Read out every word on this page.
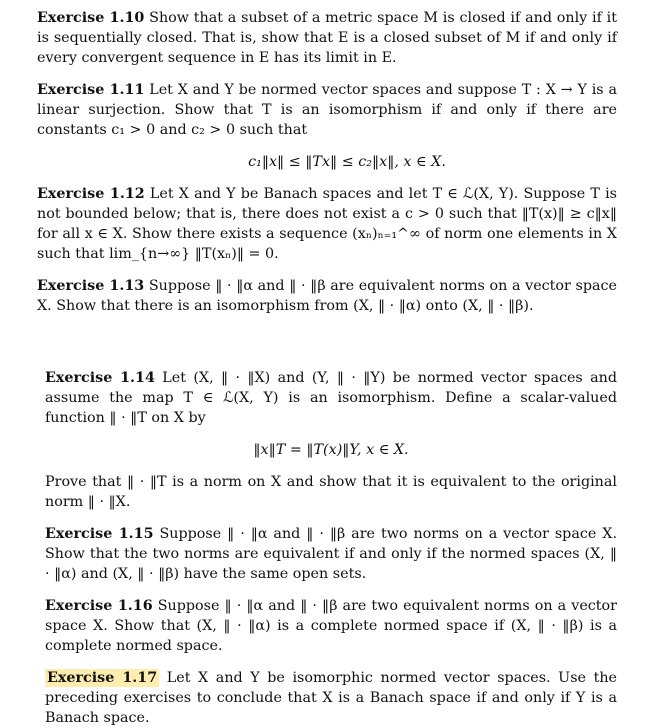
Exercise 1.10 Show that a subset of a metric space M is closed if and only if it is sequentially closed. That is, show that E is a closed subset of M if and only if every convergent sequence in E has its limit in E.

Exercise 1.11 Let X and Y be normed vector spaces and suppose T : X → Y is a linear surjection. Show that T is an isomorphism if and only if there are constants c₁ > 0 and c₂ > 0 such that

c₁‖x‖ ≤ ‖Tx‖ ≤ c₂‖x‖, x ∈ X.

Exercise 1.12 Let X and Y be Banach spaces and let T ∈ ℒ(X, Y). Suppose T is not bounded below; that is, there does not exist a c > 0 such that ‖T(x)‖ ≥ c‖x‖ for all x ∈ X. Show there exists a sequence (xₙ)ₙ₌₁^∞ of norm one elements in X such that lim_{n→∞} ‖T(xₙ)‖ = 0.

Exercise 1.13 Suppose ‖ · ‖α and ‖ · ‖β are equivalent norms on a vector space X. Show that there is an isomorphism from (X, ‖ · ‖α) onto (X, ‖ · ‖β).

Exercise 1.14 Let (X, ‖ · ‖X) and (Y, ‖ · ‖Y) be normed vector spaces and assume the map T ∈ ℒ(X, Y) is an isomorphism. Define a scalar-valued function ‖ · ‖T on X by

‖x‖T = ‖T(x)‖Y, x ∈ X.

Prove that ‖ · ‖T is a norm on X and show that it is equivalent to the original norm ‖ · ‖X.

Exercise 1.15 Suppose ‖ · ‖α and ‖ · ‖β are two norms on a vector space X. Show that the two norms are equivalent if and only if the normed spaces (X, ‖ · ‖α) and (X, ‖ · ‖β) have the same open sets.

Exercise 1.16 Suppose ‖ · ‖α and ‖ · ‖β are two equivalent norms on a vector space X. Show that (X, ‖ · ‖α) is a complete normed space if (X, ‖ · ‖β) is a complete normed space.

Exercise 1.17 Let X and Y be isomorphic normed vector spaces. Use the preceding exercises to conclude that X is a Banach space if and only if Y is a Banach space.
